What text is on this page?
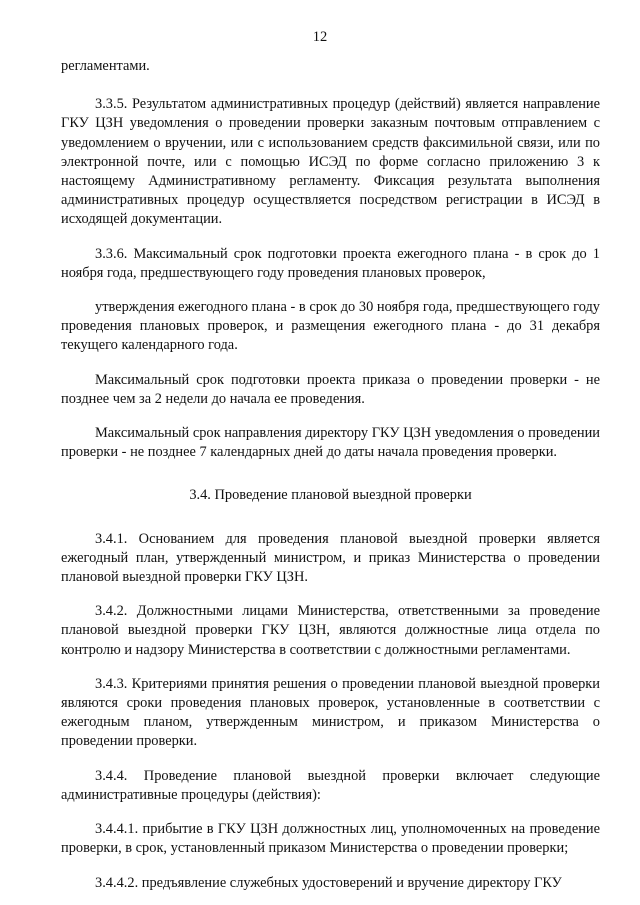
12

регламентами.

3.3.5. Результатом административных процедур (действий) является направление ГКУ ЦЗН уведомления о проведении проверки заказным почтовым отправлением с уведомлением о вручении, или с использованием средств факсимильной связи, или по электронной почте, или с помощью ИСЭД по форме согласно приложению 3 к настоящему Административному регламенту. Фиксация результата выполнения административных процедур осуществляется посредством регистрации в ИСЭД в исходящей документации.

3.3.6. Максимальный срок подготовки проекта ежегодного плана - в срок до 1 ноября года, предшествующего году проведения плановых проверок,

утверждения ежегодного плана - в срок до 30 ноября года, предшествующего году проведения плановых проверок, и размещения ежегодного плана - до 31 декабря текущего календарного года.

Максимальный срок подготовки проекта приказа о проведении проверки - не позднее чем за 2 недели до начала ее проведения.

Максимальный срок направления директору ГКУ ЦЗН уведомления о проведении проверки - не позднее 7 календарных дней до даты начала проведения проверки.

3.4. Проведение плановой выездной проверки

3.4.1. Основанием для проведения плановой выездной проверки является ежегодный план, утвержденный министром, и приказ Министерства о проведении плановой выездной проверки ГКУ ЦЗН.

3.4.2. Должностными лицами Министерства, ответственными за проведение плановой выездной проверки ГКУ ЦЗН, являются должностные лица отдела по контролю и надзору Министерства в соответствии с должностными регламентами.

3.4.3. Критериями принятия решения о проведении плановой выездной проверки являются сроки проведения плановых проверок, установленные в соответствии с ежегодным планом, утвержденным министром, и приказом Министерства о проведении проверки.

3.4.4. Проведение плановой выездной проверки включает следующие административные процедуры (действия):

3.4.4.1. прибытие в ГКУ ЦЗН должностных лиц, уполномоченных на проведение проверки, в срок, установленный приказом Министерства о проведении проверки;

3.4.4.2. предъявление служебных удостоверений и вручение директору ГКУ
